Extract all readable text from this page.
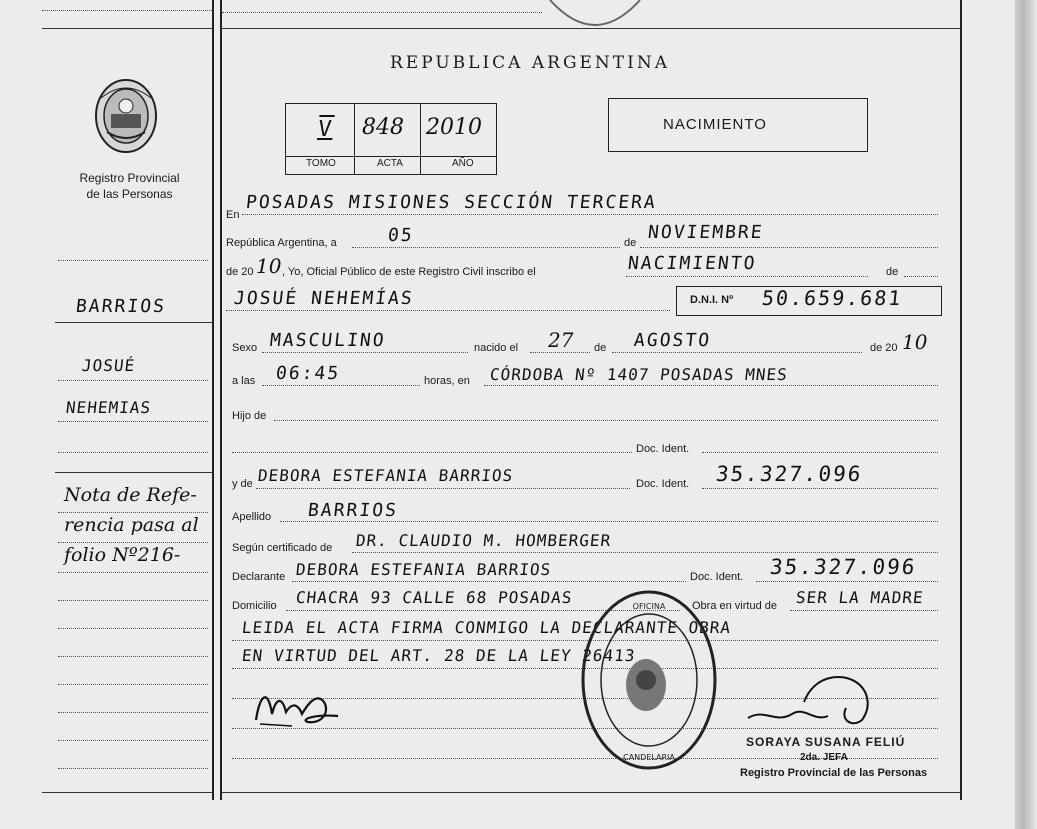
REPUBLICA ARGENTINA
Registro Provincial
de las Personas
V 848 2010
TOMO	ACTA	AÑO
NACIMIENTO
En
POSADAS MISIONES SECCIÓN TERCERA
República Argentina, a	05	de NOVIEMBRE
de 20 10 , Yo, Oficial Público de este Registro Civil inscribo el	NACIMIENTO	de
JOSUÉ NEHEMÍAS	D.N.I. Nº 50.659.681
Sexo MASCULINO	nacido el 27 de AGOSTO	de 20 10
a las 06:45	horas, en CÓRDOBA Nº 1407 POSADAS MNES
Hijo de
Doc. Ident.
y de DEBORA ESTEFANIA BARRIOS	Doc. Ident. 35.327.096
Apellido BARRIOS
Según certificado de DR. CLAUDIO M. HOMBERGER
Declarante DEBORA ESTEFANIA BARRIOS	Doc. Ident. 35.327.096
Domicilio CHACRA 93 CALLE 68 POSADAS	Obra en virtud de SER LA MADRE
LEIDA EL ACTA FIRMA CONMIGO LA DECLARANTE OBRA
EN VIRTUD DEL ART. 28 DE LA LEY 26413
BARRIOS
JOSUÉ
NEHEMIAS
Nota de Refe-
rencia pasa al
folio Nº216-
OFICINA
CANDELARIA
SORAYA SUSANA FELIÚ
2da. JEFA
Registro Provincial de las Personas
